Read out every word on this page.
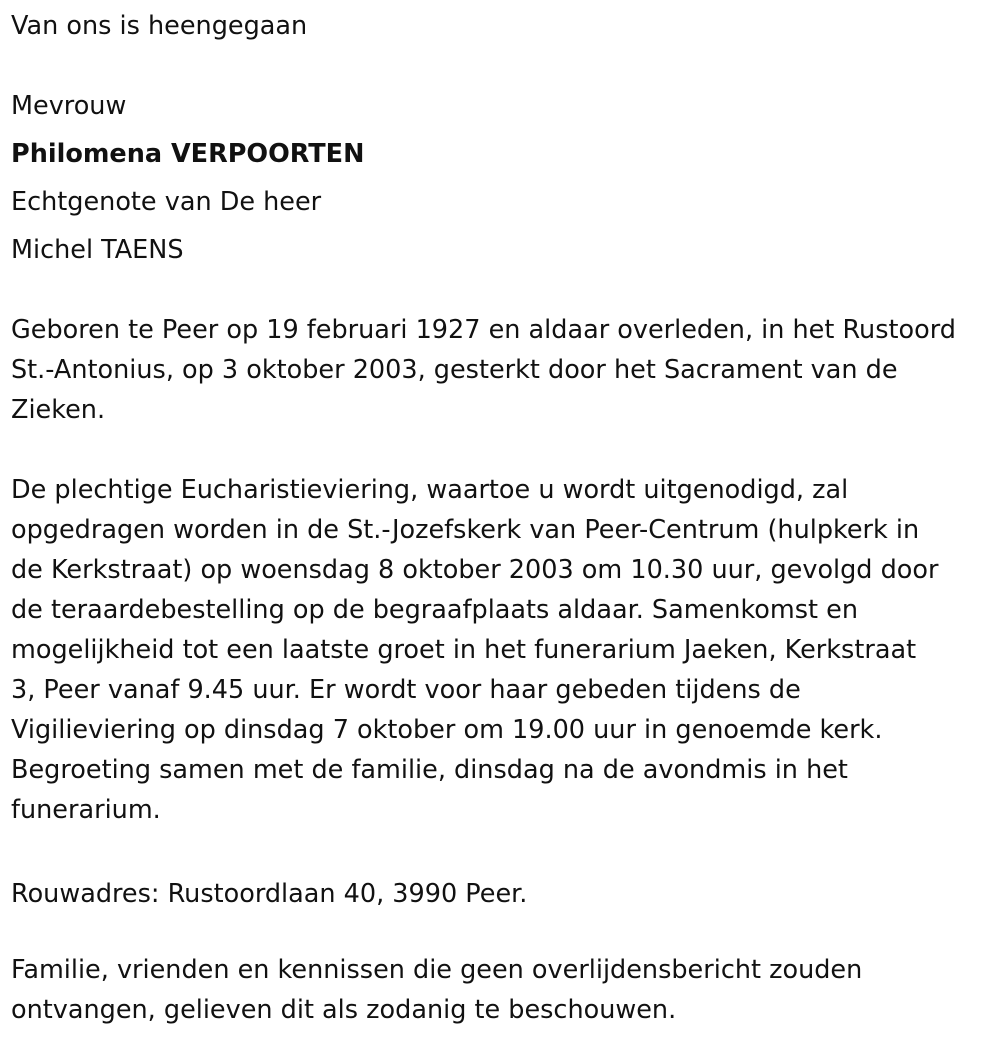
Van ons is heengegaan

Mevrouw

Philomena VERPOORTEN

Echtgenote van De heer

Michel TAENS

Geboren te Peer op 19 februari 1927 en aldaar overleden, in het Rustoord
St.-Antonius, op 3 oktober 2003, gesterkt door het Sacrament van de
Zieken.
De plechtige Eucharistieviering, waartoe u wordt uitgenodigd, zal
opgedragen worden in de St.-Jozefskerk van Peer-Centrum (hulpkerk in
de Kerkstraat) op woensdag 8 oktober 2003 om 10.30 uur, gevolgd door
de teraardebestelling op de begraafplaats aldaar. Samenkomst en
mogelijkheid tot een laatste groet in het funerarium Jaeken, Kerkstraat
3, Peer vanaf 9.45 uur. Er wordt voor haar gebeden tijdens de
Vigilieviering op dinsdag 7 oktober om 19.00 uur in genoemde kerk.
Begroeting samen met de familie, dinsdag na de avondmis in het
funerarium.

Rouwadres: Rustoordlaan 40, 3990 Peer.

Familie, vrienden en kennissen die geen overlijdensbericht zouden
ontvangen, gelieven dit als zodanig te beschouwen.
